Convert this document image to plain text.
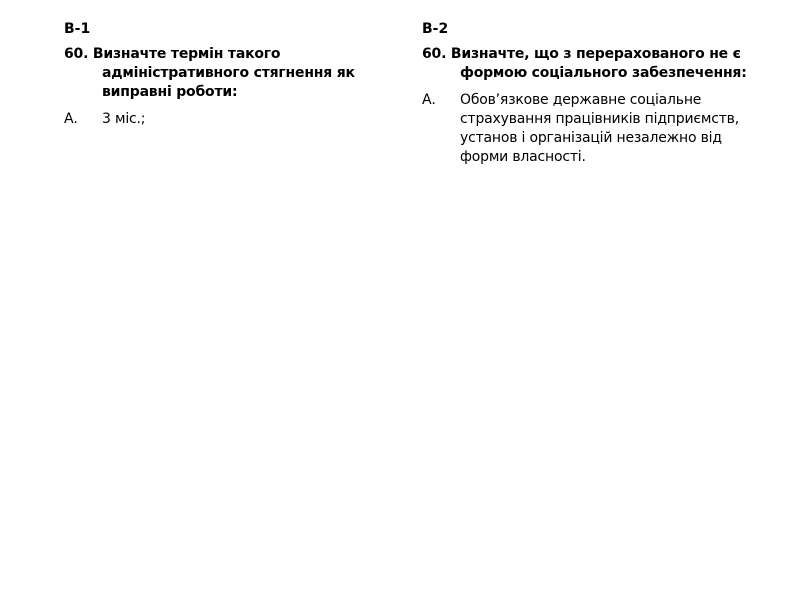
В-1
60. Визначте термін такого адміністративного стягнення як виправні роботи:
А.	3 міс.;
В-2
60. Визначте, що з перерахованого не є формою соціального забезпечення:
А.	Обов’язкове державне соціальне страхування працівників підприємств, установ і організацій незалежно від форми власності.
